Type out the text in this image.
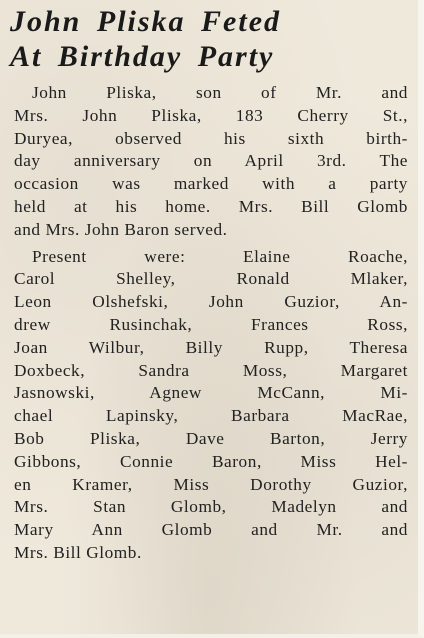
John Pliska Feted
At Birthday Party

John Pliska, son of Mr. and
Mrs. John Pliska, 183 Cherry St.,
Duryea, observed his sixth birth-
day anniversary on April 3rd. The
occasion was marked with a party
held at his home. Mrs. Bill Glomb
and Mrs. John Baron served.

Present were: Elaine Roache,
Carol Shelley, Ronald Mlaker,
Leon Olshefski, John Guzior, An-
drew Rusinchak, Frances Ross,
Joan Wilbur, Billy Rupp, Theresa
Doxbeck, Sandra Moss, Margaret
Jasnowski, Agnew McCann, Mi-
chael Lapinsky, Barbara MacRae,
Bob Pliska, Dave Barton, Jerry
Gibbons, Connie Baron, Miss Hel-
en Kramer, Miss Dorothy Guzior,
Mrs. Stan Glomb, Madelyn and
Mary Ann Glomb and Mr. and
Mrs. Bill Glomb.
